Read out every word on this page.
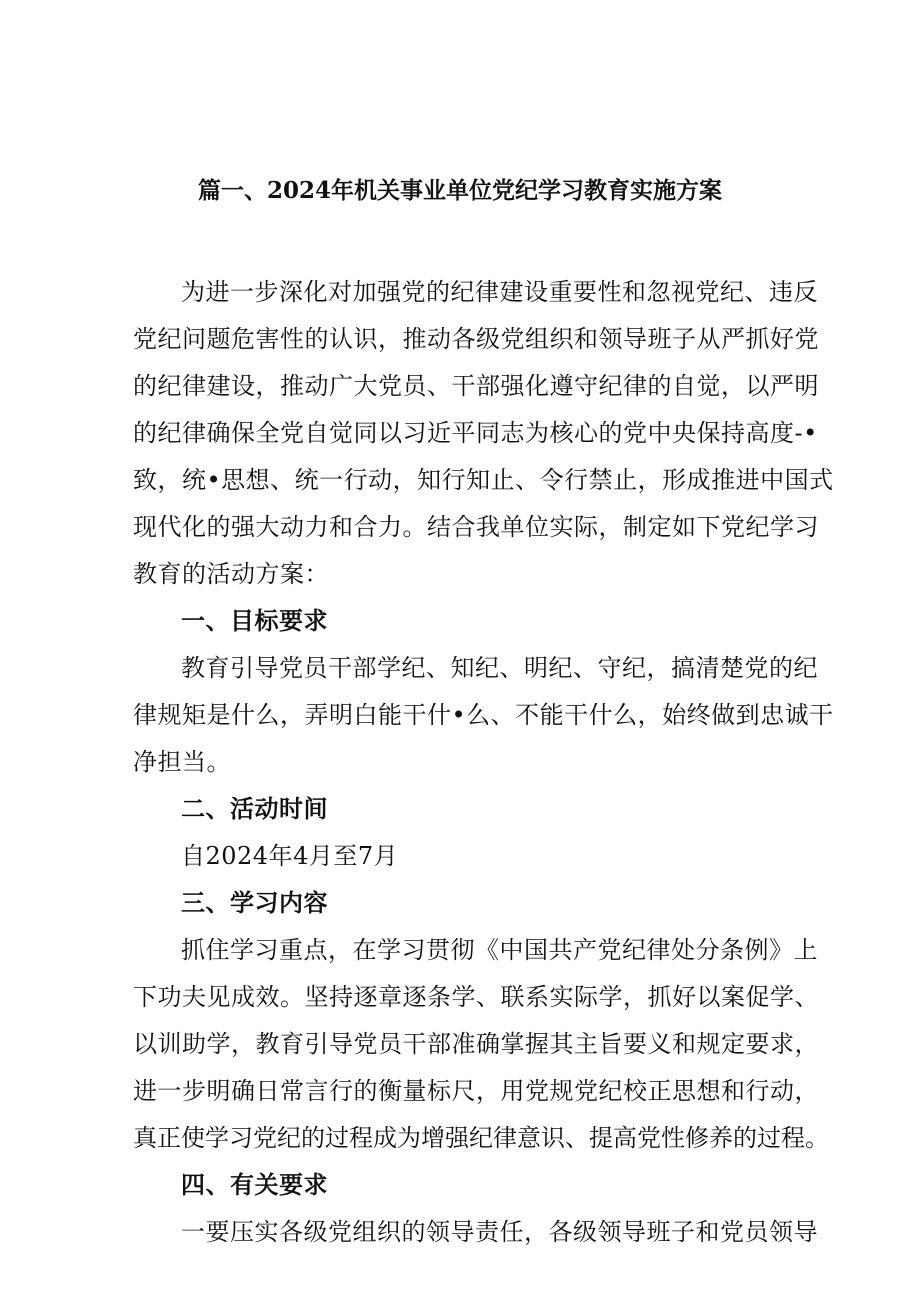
篇一、2024年机关事业单位党纪学习教育实施方案
为进一步深化对加强党的纪律建设重要性和忽视党纪、违反
党纪问题危害性的认识，推动各级党组织和领导班子从严抓好党
的纪律建设，推动广大党员、干部强化遵守纪律的自觉，以严明
的纪律确保全党自觉同以习近平同志为核心的党中央保持高度-•
致，统•思想、统一行动，知行知止、令行禁止，形成推进中国式
现代化的强大动力和合力。结合我单位实际，制定如下党纪学习
教育的活动方案：
一、目标要求
教育引导党员干部学纪、知纪、明纪、守纪，搞清楚党的纪
律规矩是什么，弄明白能干什•么、不能干什么，始终做到忠诚干
净担当。
二、活动时间
自2024年4月至7月
三、学习内容
抓住学习重点，在学习贯彻《中国共产党纪律处分条例》上
下功夫见成效。坚持逐章逐条学、联系实际学，抓好以案促学、
以训助学，教育引导党员干部准确掌握其主旨要义和规定要求，
进一步明确日常言行的衡量标尺，用党规党纪校正思想和行动，
真正使学习党纪的过程成为增强纪律意识、提高党性修养的过程。
四、有关要求
一要压实各级党组织的领导责任，各级领导班子和党员领导
